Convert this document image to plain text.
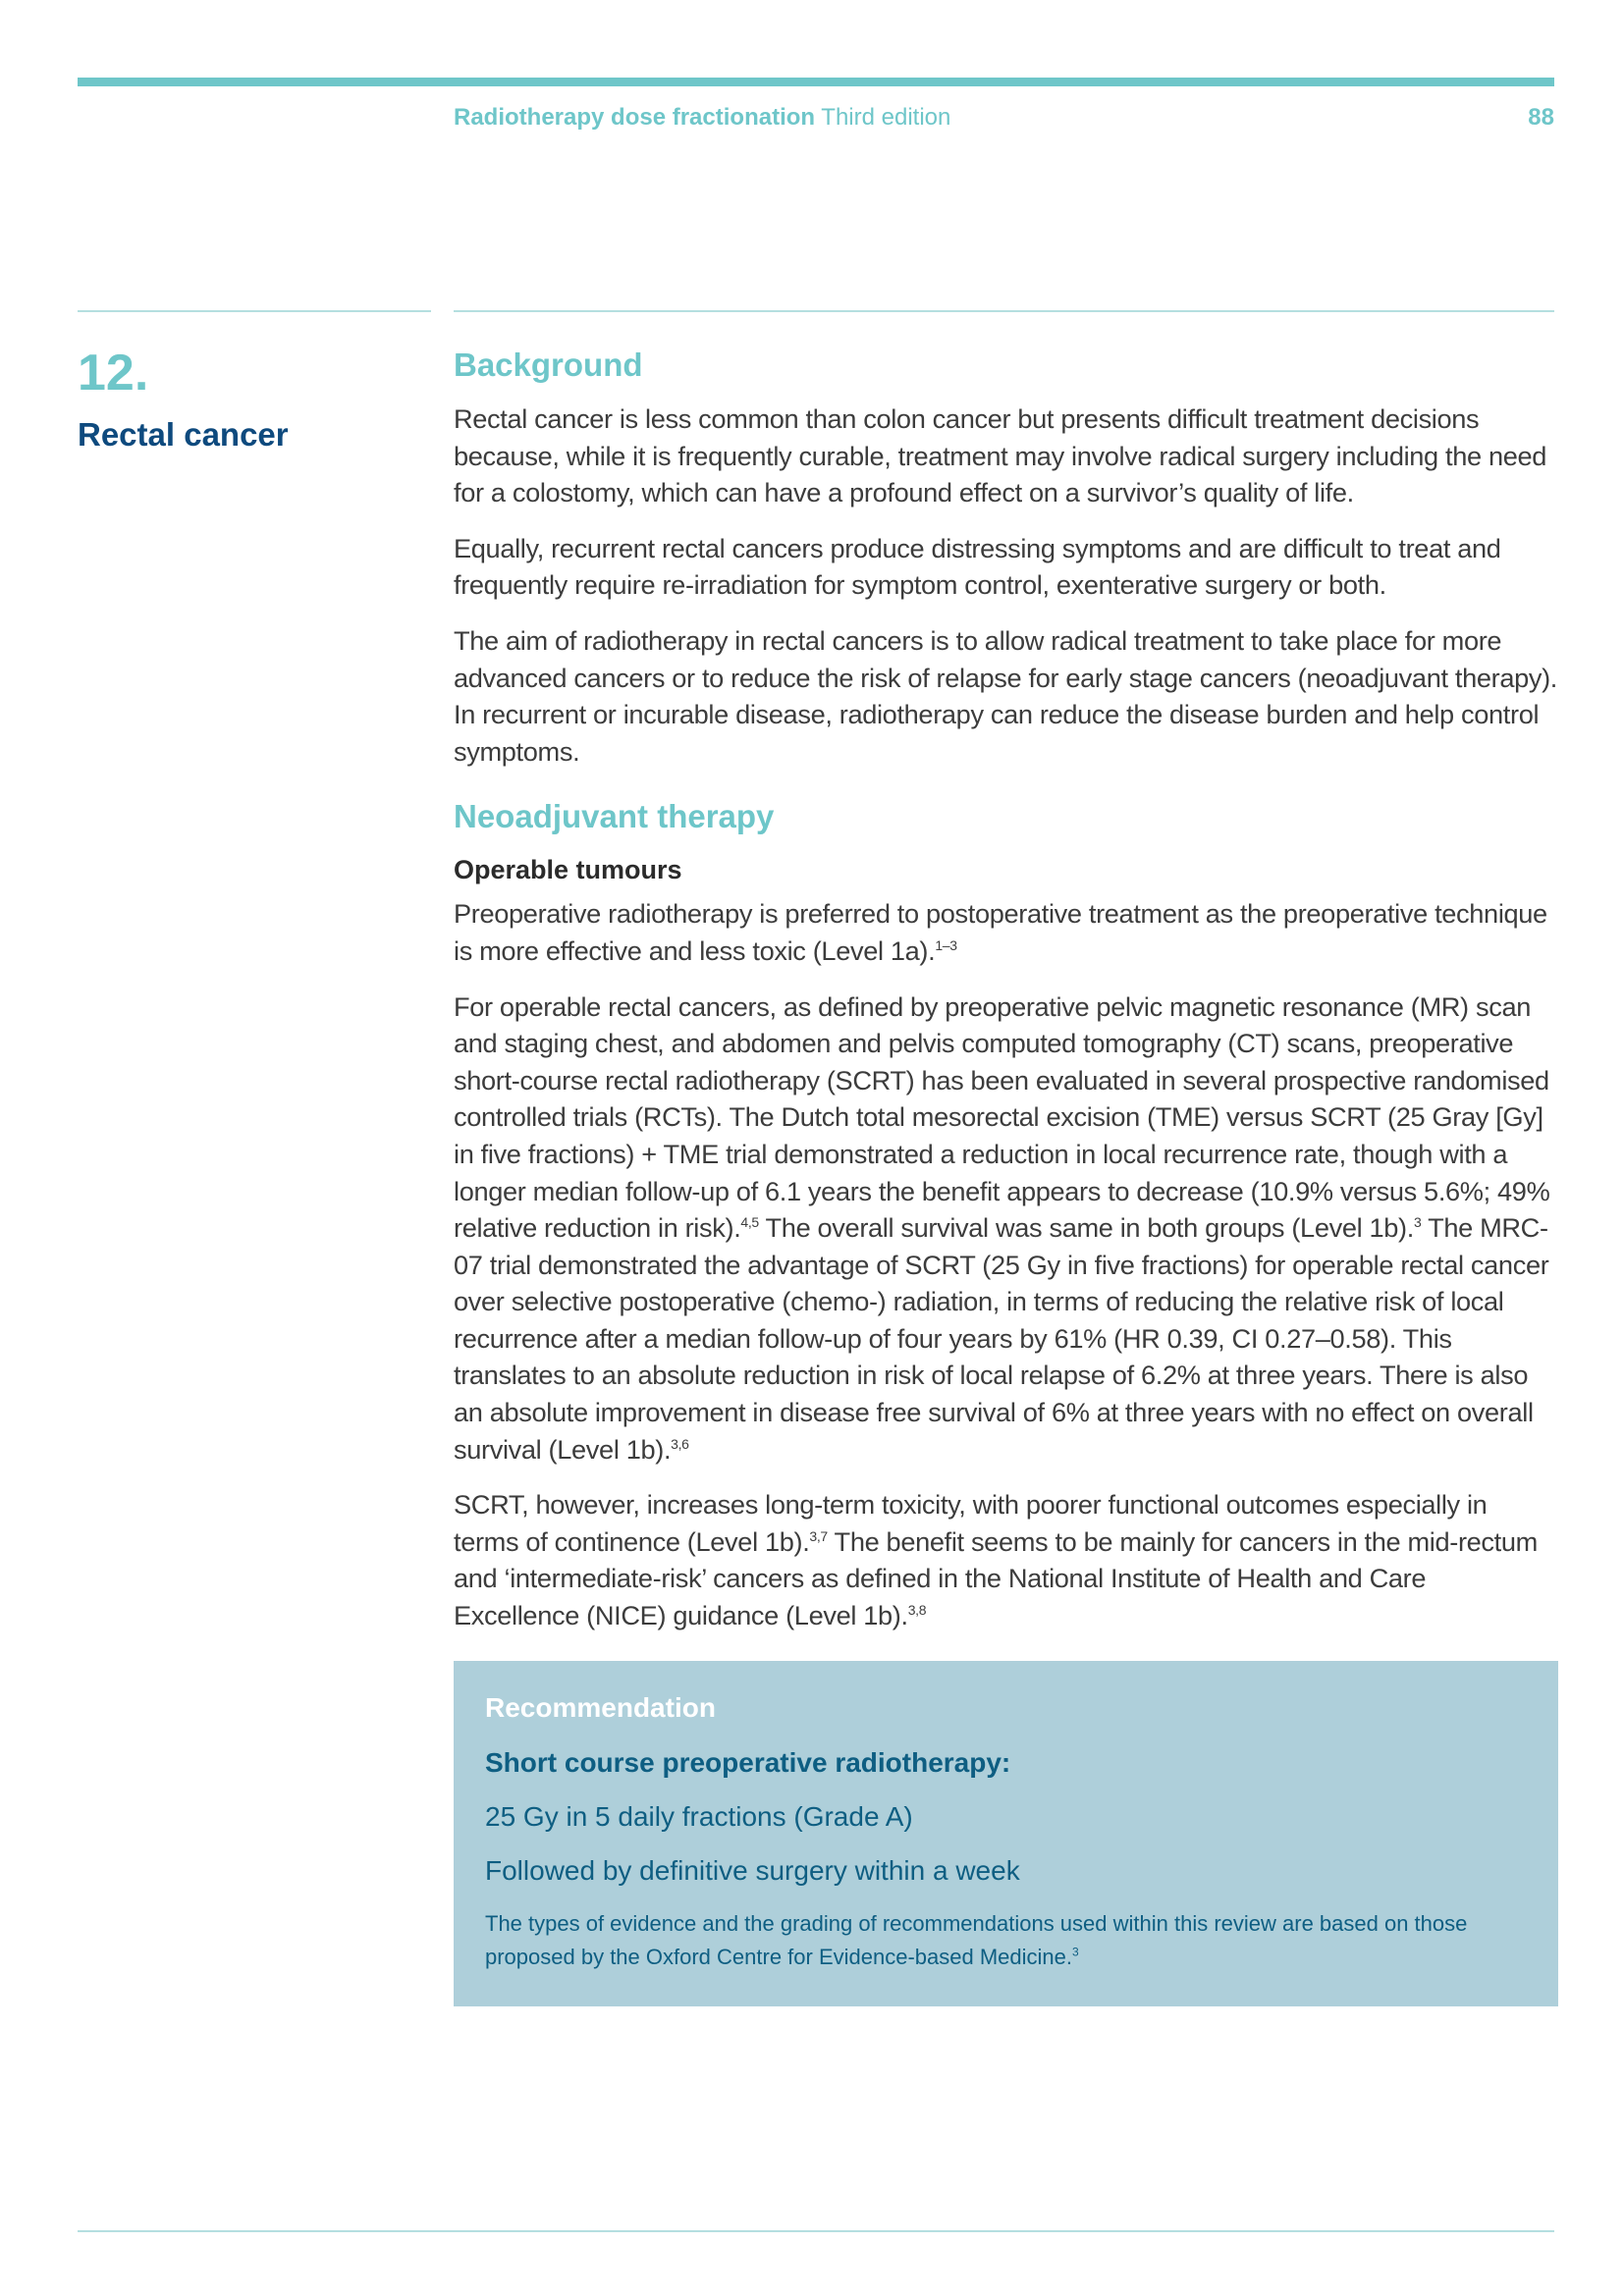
Radiotherapy dose fractionation Third edition	88
12.
Rectal cancer
Background

Rectal cancer is less common than colon cancer but presents difficult treatment decisions because, while it is frequently curable, treatment may involve radical surgery including the need for a colostomy, which can have a profound effect on a survivor’s quality of life.

Equally, recurrent rectal cancers produce distressing symptoms and are difficult to treat and frequently require re-irradiation for symptom control, exenterative surgery or both.

The aim of radiotherapy in rectal cancers is to allow radical treatment to take place for more advanced cancers or to reduce the risk of relapse for early stage cancers (neoadjuvant therapy). In recurrent or incurable disease, radiotherapy can reduce the disease burden and help control symptoms.

Neoadjuvant therapy
Operable tumours

Preoperative radiotherapy is preferred to postoperative treatment as the preoperative technique is more effective and less toxic (Level 1a).$^{1-3}$

For operable rectal cancers, as defined by preoperative pelvic magnetic resonance (MR) scan and staging chest, and abdomen and pelvis computed tomography (CT) scans, preoperative short-course rectal radiotherapy (SCRT) has been evaluated in several prospective randomised controlled trials (RCTs). The Dutch total mesorectal excision (TME) versus SCRT (25 Gray [Gy] in five fractions) + TME trial demonstrated a reduction in local recurrence rate, though with a longer median follow-up of 6.1 years the benefit appears to decrease (10.9% versus 5.6%; 49% relative reduction in risk).$^{4,5}$ The overall survival was same in both groups (Level 1b).$^3$ The MRC-07 trial demonstrated the advantage of SCRT (25 Gy in five fractions) for operable rectal cancer over selective postoperative (chemo-) radiation, in terms of reducing the relative risk of local recurrence after a median follow-up of four years by 61% (HR 0.39, CI 0.27–0.58). This translates to an absolute reduction in risk of local relapse of 6.2% at three years. There is also an absolute improvement in disease free survival of 6% at three years with no effect on overall survival (Level 1b).$^{3,6}$

SCRT, however, increases long-term toxicity, with poorer functional outcomes especially in terms of continence (Level 1b).$^{3,7}$ The benefit seems to be mainly for cancers in the mid-rectum and ‘intermediate-risk’ cancers as defined in the National Institute of Health and Care Excellence (NICE) guidance (Level 1b).$^{3,8}$

Recommendation
Short course preoperative radiotherapy:
25 Gy in 5 daily fractions (Grade A)
Followed by definitive surgery within a week

The types of evidence and the grading of recommendations used within this review are based on those proposed by the Oxford Centre for Evidence-based Medicine.$^3$
